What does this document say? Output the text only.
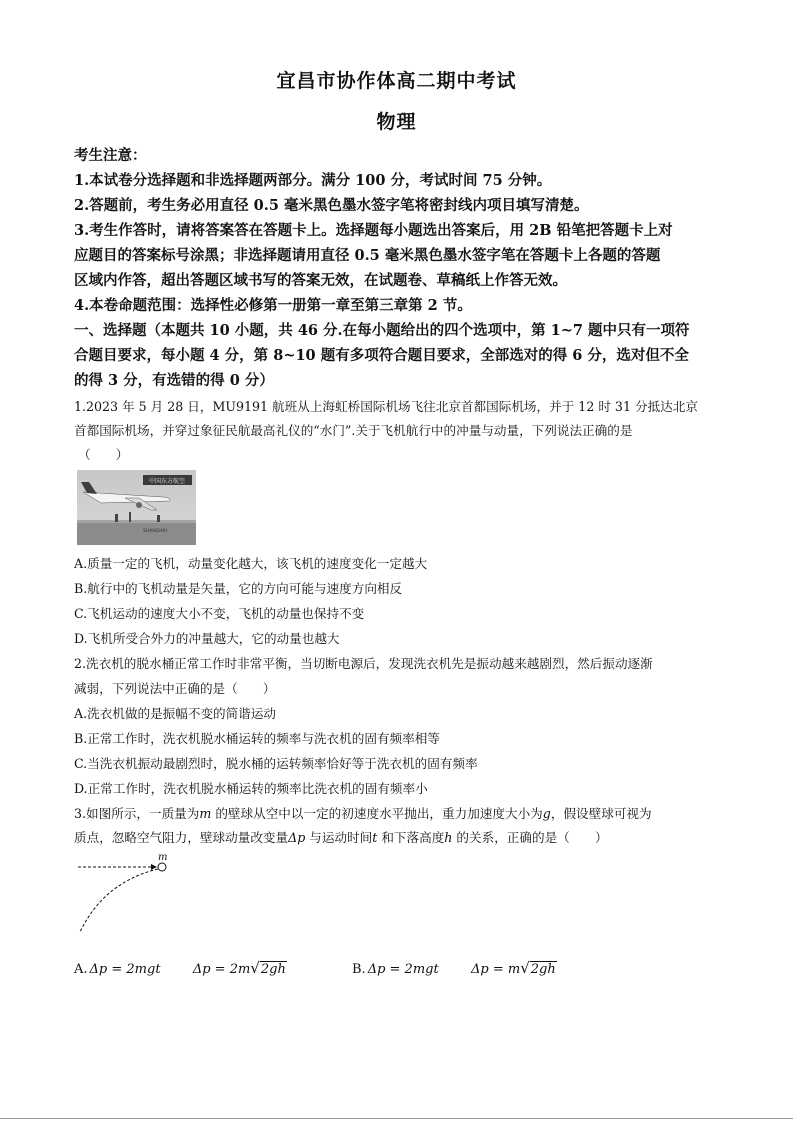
宜昌市协作体高二期中考试
物理
考生注意：
1.本试卷分选择题和非选择题两部分。满分 100 分，考试时间 75 分钟。
2.答题前，考生务必用直径 0.5 毫米黑色墨水签字笔将密封线内项目填写清楚。
3.考生作答时，请将答案答在答题卡上。选择题每小题选出答案后，用 2B 铅笔把答题卡上对
应题目的答案标号涂黑；非选择题请用直径 0.5 毫米黑色墨水签字笔在答题卡上各题的答题
区域内作答，超出答题区域书写的答案无效，在试题卷、草稿纸上作答无效。
4.本卷命题范围：选择性必修第一册第一章至第三章第 2 节。
一、选择题（本题共 10 小题，共 46 分.在每小题给出的四个选项中，第 1~7 题中只有一项符
合题目要求，每小题 4 分，第 8~10 题有多项符合题目要求，全部选对的得 6 分，选对但不全
的得 3 分，有选错的得 0 分）
1.2023 年 5 月 28 日，MU9191 航班从上海虹桥国际机场飞往北京首都国际机场，并于 12 时 31 分抵达北京
首都国际机场，并穿过象征民航最高礼仪的“水门”.关于飞机航行中的冲量与动量，下列说法正确的是
（　　）
中国东方航空
SHANGHAI
A.质量一定的飞机，动量变化越大，该飞机的速度变化一定越大
B.航行中的飞机动量是矢量，它的方向可能与速度方向相反
C.飞机运动的速度大小不变，飞机的动量也保持不变
D.飞机所受合外力的冲量越大，它的动量也越大
2.洗衣机的脱水桶正常工作时非常平衡，当切断电源后，发现洗衣机先是振动越来越剧烈，然后振动逐渐
减弱，下列说法中正确的是（　　）
A.洗衣机做的是振幅不变的简谐运动
B.正常工作时，洗衣机脱水桶运转的频率与洗衣机的固有频率相等
C.当洗衣机振动最剧烈时，脱水桶的运转频率恰好等于洗衣机的固有频率
D.正常工作时，洗衣机脱水桶运转的频率比洗衣机的固有频率小
3.如图所示，一质量为m 的壁球从空中以一定的初速度水平抛出，重力加速度大小为g，假设壁球可视为
质点，忽略空气阻力，壁球动量改变量Δp 与运动时间t 和下落高度h 的关系，正确的是（　　）
m
A. Δp = 2mgt Δp = 2m√2gh	B. Δp = 2mgt Δp = m√2gh
